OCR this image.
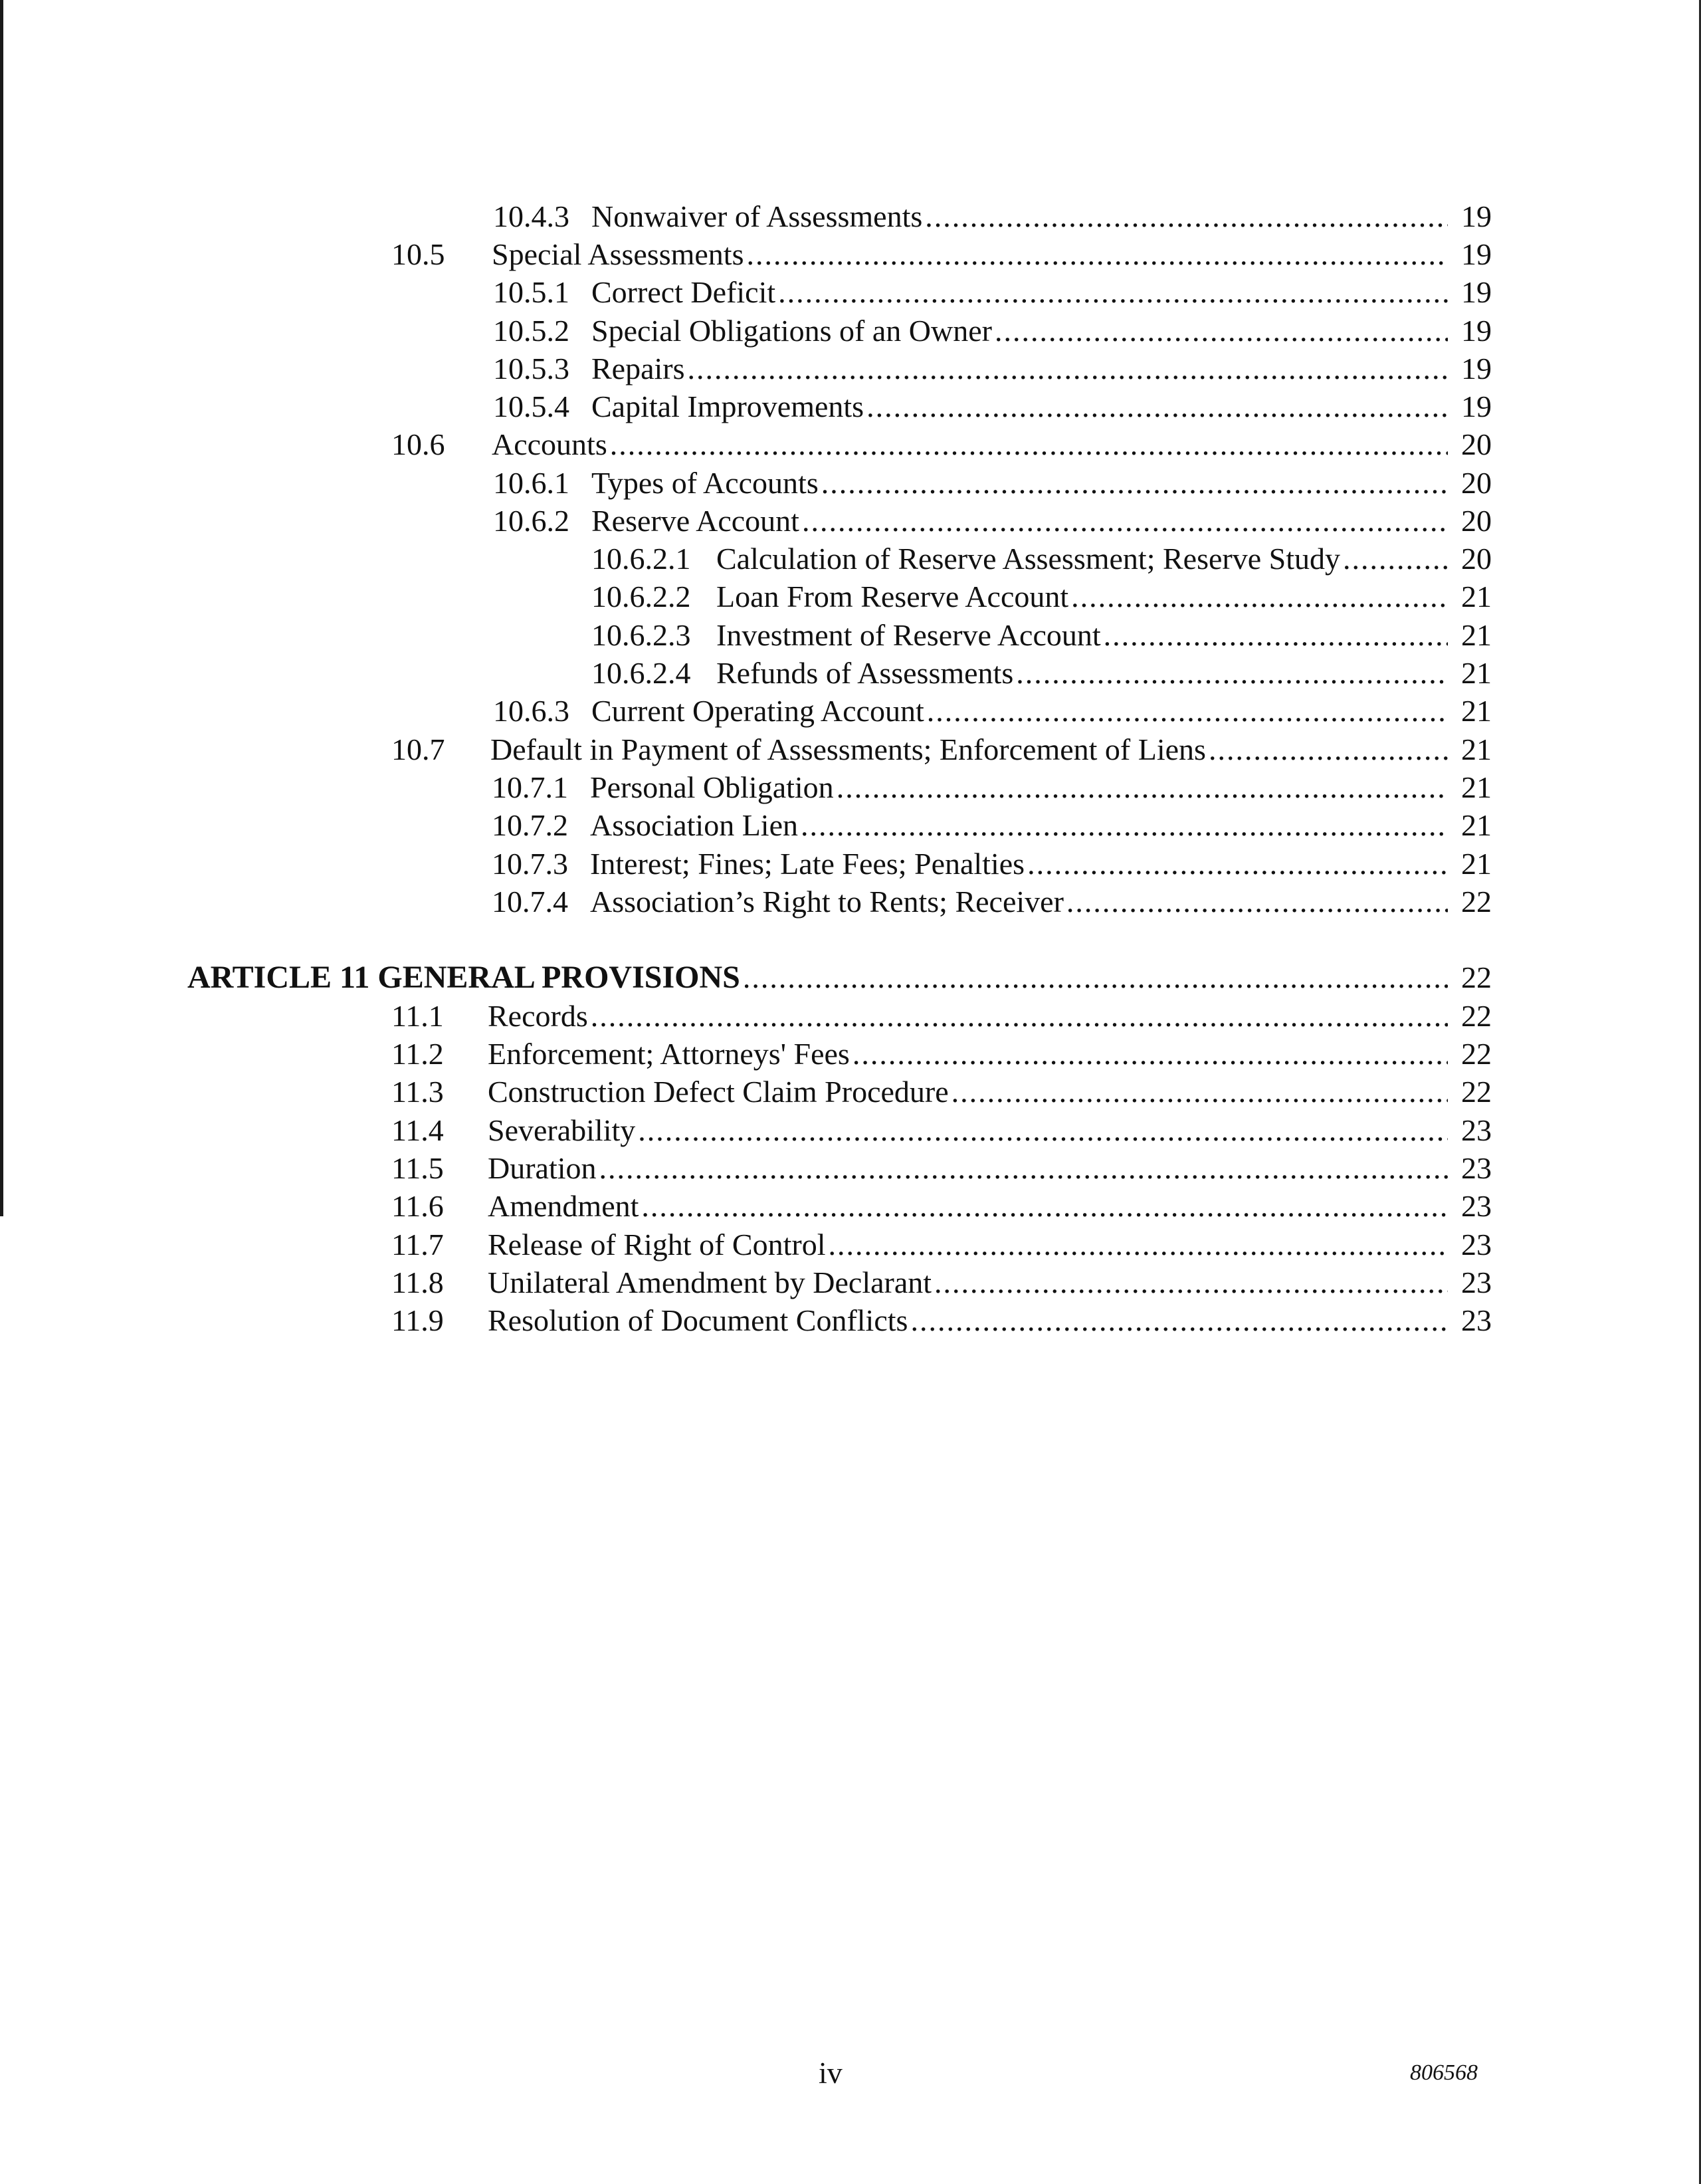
10.4.3 Nonwaiver of Assessments .....	19
10.5 Special Assessments .....	19
10.5.1 Correct Deficit .....	19
10.5.2 Special Obligations of an Owner .....	19
10.5.3 Repairs .....	19
10.5.4 Capital Improvements .....	19
10.6 Accounts .....	20
10.6.1 Types of Accounts .....	20
10.6.2 Reserve Account .....	20
10.6.2.1 Calculation of Reserve Assessment; Reserve Study .....	20
10.6.2.2 Loan From Reserve Account .....	21
10.6.2.3 Investment of Reserve Account .....	21
10.6.2.4 Refunds of Assessments .....	21
10.6.3 Current Operating Account .....	21
10.7 Default in Payment of Assessments; Enforcement of Liens .....	21
10.7.1 Personal Obligation .....	21
10.7.2 Association Lien .....	21
10.7.3 Interest; Fines; Late Fees; Penalties .....	21
10.7.4 Association’s Right to Rents; Receiver .....	22
ARTICLE 11 GENERAL PROVISIONS .....	22
11.1 Records .....	22
11.2 Enforcement; Attorneys' Fees .....	22
11.3 Construction Defect Claim Procedure .....	22
11.4 Severability .....	23
11.5 Duration .....	23
11.6 Amendment .....	23
11.7 Release of Right of Control .....	23
11.8 Unilateral Amendment by Declarant .....	23
11.9 Resolution of Document Conflicts .....	23
iv	806568
